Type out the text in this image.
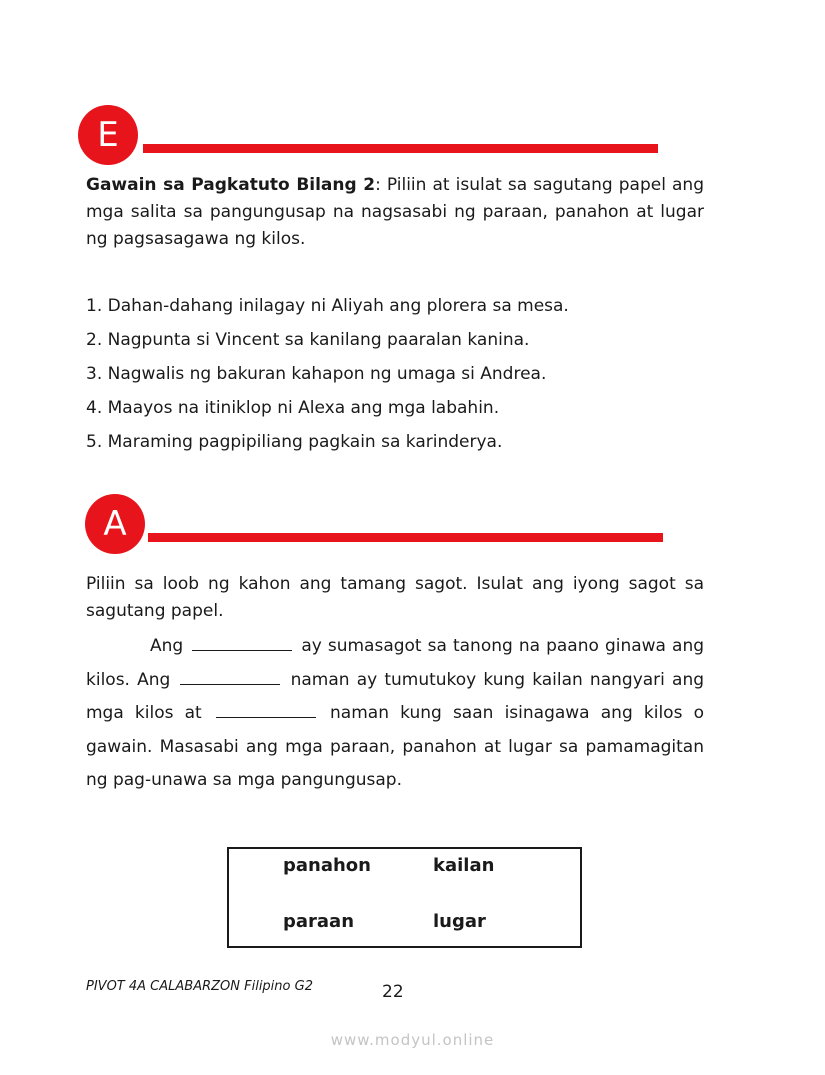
E

Gawain sa Pagkatuto Bilang 2: Piliin at isulat sa sagutang papel ang mga salita sa pangungusap na nagsasabi ng paraan, panahon at lugar ng pagsasagawa ng kilos.

1. Dahan-dahang inilagay ni Aliyah ang plorera sa mesa.
2. Nagpunta si Vincent sa kanilang paaralan kanina.
3. Nagwalis ng bakuran kahapon ng umaga si Andrea.
4. Maayos na itiniklop ni Alexa ang mga labahin.
5. Maraming pagpipiliang pagkain sa karinderya.
A

Piliin sa loob ng kahon ang tamang sagot. Isulat ang iyong sagot sa sagutang papel.

Ang	ay sumasagot sa tanong na paano ginawa ang kilos. Ang	naman ay tumutukoy kung kailan nangyari ang mga kilos at	naman kung saan isinagawa ang kilos o gawain. Masasabi ang mga paraan, panahon at lugar sa pamamagitan ng pag-unawa sa mga pangungusap.

panahon	kailan
paraan	lugar
PIVOT 4A CALABARZON Filipino G2	22
www.modyul.online
